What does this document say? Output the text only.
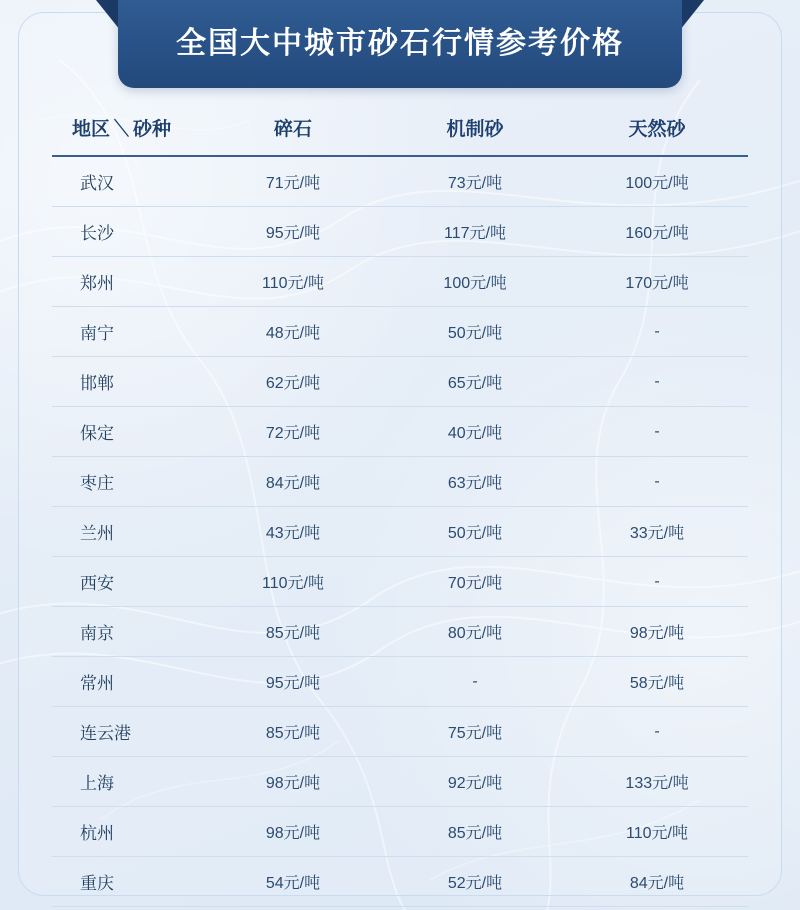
全国大中城市砂石行情参考价格
地区 ＼ 砂种	碎石	机制砂	天然砂
武汉	71元/吨	73元/吨	100元/吨
长沙	95元/吨	117元/吨	160元/吨
郑州	110元/吨	100元/吨	170元/吨
南宁	48元/吨	50元/吨	-
邯郸	62元/吨	65元/吨	-
保定	72元/吨	40元/吨	-
枣庄	84元/吨	63元/吨	-
兰州	43元/吨	50元/吨	33元/吨
西安	110元/吨	70元/吨	-
南京	85元/吨	80元/吨	98元/吨
常州	95元/吨	-	58元/吨
连云港	85元/吨	75元/吨	-
上海	98元/吨	92元/吨	133元/吨
杭州	98元/吨	85元/吨	110元/吨
重庆	54元/吨	52元/吨	84元/吨
